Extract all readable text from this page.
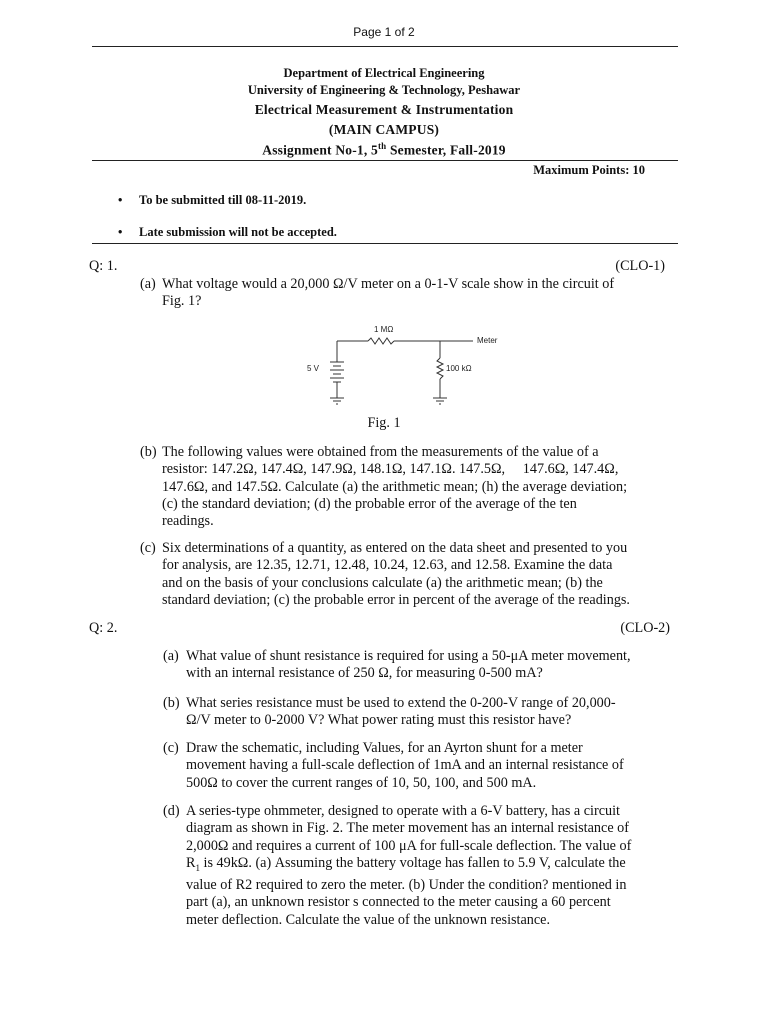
Page 1 of 2
Department of Electrical Engineering
University of Engineering & Technology, Peshawar
Electrical Measurement & Instrumentation
(MAIN CAMPUS)
Assignment No-1, 5th Semester, Fall-2019
Maximum Points: 10
• To be submitted till 08-11-2019.
• Late submission will not be accepted.
Q: 1.	(CLO-1)
(a) What voltage would a 20,000 Ω/V meter on a 0-1-V scale show in the circuit of
Fig. 1?
1 MΩ
Meter
5 V	100 kΩ
Fig. 1
(b) The following values were obtained from the measurements of the value of a
resistor: 147.2Ω, 147.4Ω, 147.9Ω, 148.1Ω, 147.1Ω. 147.5Ω,     147.6Ω, 147.4Ω,
147.6Ω, and 147.5Ω. Calculate (a) the arithmetic mean; (h) the average deviation;
(c) the standard deviation; (d) the probable error of the average of the ten
readings.
(c) Six determinations of a quantity, as entered on the data sheet and presented to you
for analysis, are 12.35, 12.71, 12.48, 10.24, 12.63, and 12.58. Examine the data
and on the basis of your conclusions calculate (a) the arithmetic mean; (b) the
standard deviation; (c) the probable error in percent of the average of the readings.
Q: 2.	(CLO-2)
(a) What value of shunt resistance is required for using a 50-μA meter movement,
with an internal resistance of 250 Ω, for measuring 0-500 mA?
(b) What series resistance must be used to extend the 0-200-V range of 20,000-
Ω/V meter to 0-2000 V? What power rating must this resistor have?
(c) Draw the schematic, including Values, for an Ayrton shunt for a meter
movement having a full-scale deflection of 1mA and an internal resistance of
500Ω to cover the current ranges of 10, 50, 100, and 500 mA.
(d) A series-type ohmmeter, designed to operate with a 6-V battery, has a circuit
diagram as shown in Fig. 2. The meter movement has an internal resistance of
2,000Ω and requires a current of 100 μA for full-scale deflection. The value of
$R_1$ is 49kΩ. (a) Assuming the battery voltage has fallen to 5.9 V, calculate the
value of R2 required to zero the meter. (b) Under the condition? mentioned in
part (a), an unknown resistor s connected to the meter causing a 60 percent
meter deflection. Calculate the value of the unknown resistance.
